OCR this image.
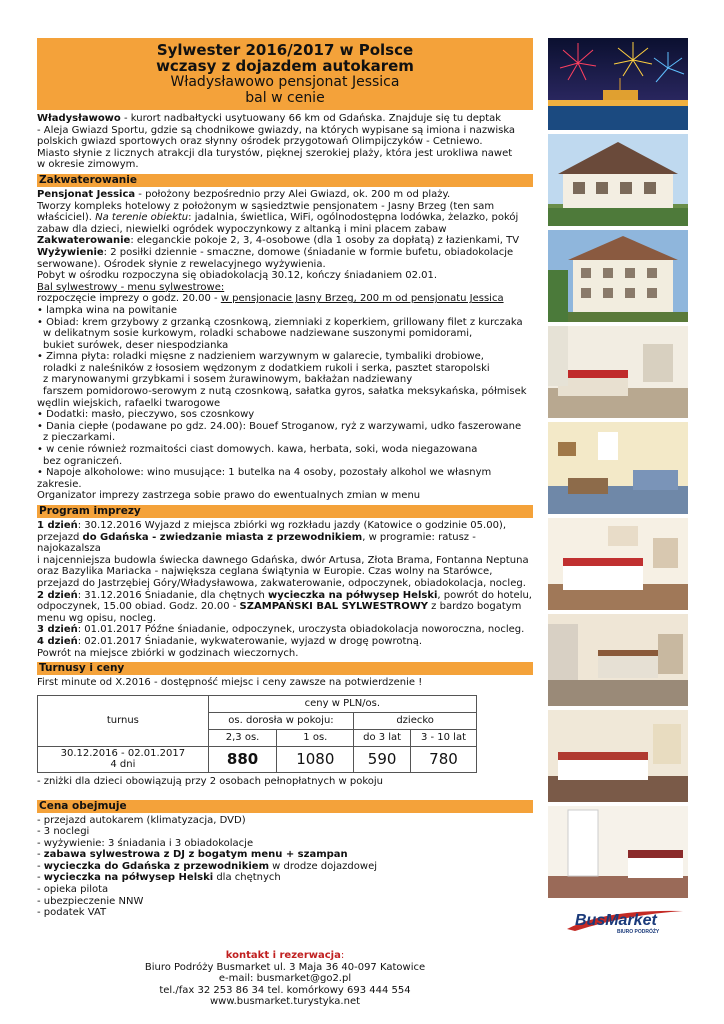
Sylwester 2016/2017 w Polsce
wczasy z dojazdem autokarem
Władysławowo pensjonat Jessica
bal w cenie

Władysławowo - kurort nadbałtycki usytuowany 66 km od Gdańska. Znajduje się tu deptak

- Aleja Gwiazd Sportu, gdzie są chodnikowe gwiazdy, na których wypisane są imiona i nazwiska

polskich gwiazd sportowych oraz słynny ośrodek przygotowań Olimpijczyków - Cetniewo.

Miasto słynie z licznych atrakcji dla turystów, pięknej szerokiej plaży, która jest urokliwa nawet

w okresie zimowym.

Zakwaterowanie

Pensjonat Jessica - położony bezpośrednio przy Alei Gwiazd, ok. 200 m od plaży.

Tworzy kompleks hotelowy z położonym w sąsiedztwie pensjonatem - Jasny Brzeg (ten sam

właściciel). Na terenie obiektu: jadalnia, świetlica, WiFi, ogólnodostępna lodówka, żelazko, pokój

zabaw dla dzieci, niewielki ogródek wypoczynkowy z altanką i mini placem zabaw

Zakwaterowanie: eleganckie pokoje 2, 3, 4-osobowe (dla 1 osoby za dopłatą) z łazienkami, TV

Wyżywienie: 2 posiłki dziennie - smaczne, domowe (śniadanie w formie bufetu, obiadokolacje

serwowane). Ośrodek słynie z rewelacyjnego wyżywienia.

Pobyt w ośrodku rozpoczyna się obiadokolacją 30.12, kończy śniadaniem 02.01.

Bal sylwestrowy - menu sylwestrowe:

rozpoczęcie imprezy o godz. 20.00 - w pensjonacie Jasny Brzeg, 200 m od pensjonatu Jessica

• lampka wina na powitanie

• Obiad: krem grzybowy z grzanką czosnkową, ziemniaki z koperkiem, grillowany filet z kurczaka

w delikatnym sosie kurkowym, roladki schabowe nadziewane suszonymi pomidorami,

bukiet surówek, deser niespodzianka

• Zimna płyta: roladki mięsne z nadzieniem warzywnym w galarecie, tymbaliki drobiowe,

roladki z naleśników z łososiem wędzonym z dodatkiem rukoli i serka, pasztet staropolski

z marynowanymi grzybkami i sosem żurawinowym, bakłażan nadziewany

farszem pomidorowo-serowym z nutą czosnkową, sałatka gyros, sałatka meksykańska, półmisek

wędlin wiejskich, rafaelki twarogowe

• Dodatki: masło, pieczywo, sos czosnkowy

• Dania ciepłe (podawane po gdz. 24.00): Bouef Stroganow, ryż z warzywami, udko faszerowane

z pieczarkami.

• w cenie również rozmaitości ciast domowych. kawa, herbata, soki, woda niegazowana

bez ograniczeń.

• Napoje alkoholowe: wino musujące: 1 butelka na 4 osoby, pozostały alkohol we własnym zakresie.

Organizator imprezy zastrzega sobie prawo do ewentualnych zmian w menu

Program imprezy

1 dzień: 30.12.2016 Wyjazd z miejsca zbiórki wg rozkładu jazdy (Katowice o godzinie 05.00),

przejazd do Gdańska - zwiedzanie miasta z przewodnikiem, w programie: ratusz - najokazalsza

i najcenniejsza budowla świecka dawnego Gdańska, dwór Artusa, Złota Brama, Fontanna Neptuna

oraz Bazylika Mariacka - największa ceglana świątynia w Europie. Czas wolny na Starówce,

przejazd do Jastrzębiej Góry/Władysławowa, zakwaterowanie, odpoczynek, obiadokolacja, nocleg.

2 dzień: 31.12.2016 Śniadanie, dla chętnych wycieczka na półwysep Helski, powrót do hotelu,

odpoczynek, 15.00 obiad. Godz. 20.00 - SZAMPAŃSKI BAL SYLWESTROWY z bardzo bogatym

menu wg opisu, nocleg.

3 dzień: 01.01.2017 Późne śniadanie, odpoczynek, uroczysta obiadokolacja noworoczna, nocleg.

4 dzień: 02.01.2017 Śniadanie, wykwaterowanie, wyjazd w drogę powrotną.

Powrót na miejsce zbiórki w godzinach wieczornych.

Turnusy i ceny

First minute od X.2016 - dostępność miejsc i ceny zawsze na potwierdzenie !

turnus	ceny w PLN/os.			
	os. dorosła w pokoju:		dziecko	
	2,3 os.	1 os.	do 3 lat	3 - 10 lat
30.12.2016 - 02.01.2017
4 dni	880	1080	590	780

- zniżki dla dzieci obowiązują przy 2 osobach pełnopłatnych w pokoju

Cena obejmuje

- przejazd autokarem (klimatyzacja, DVD)

- 3 noclegi

- wyżywienie: 3 śniadania i 3 obiadokolacje

- zabawa sylwestrowa z DJ z bogatym menu + szampan

- wycieczka do Gdańska z przewodnikiem w drodze dojazdowej

- wycieczka na półwysep Helski dla chętnych

- opieka pilota

- ubezpieczenie NNW

- podatek VAT	BusMarket
BIURO PODRÓŻY
kontakt i rezerwacja:
Biuro Podróży Busmarket ul. 3 Maja 36 40-097 Katowice
e-mail: busmarket@go2.pl
tel./fax 32 253 86 34 tel. komórkowy 693 444 554
www.busmarket.turystyka.net
